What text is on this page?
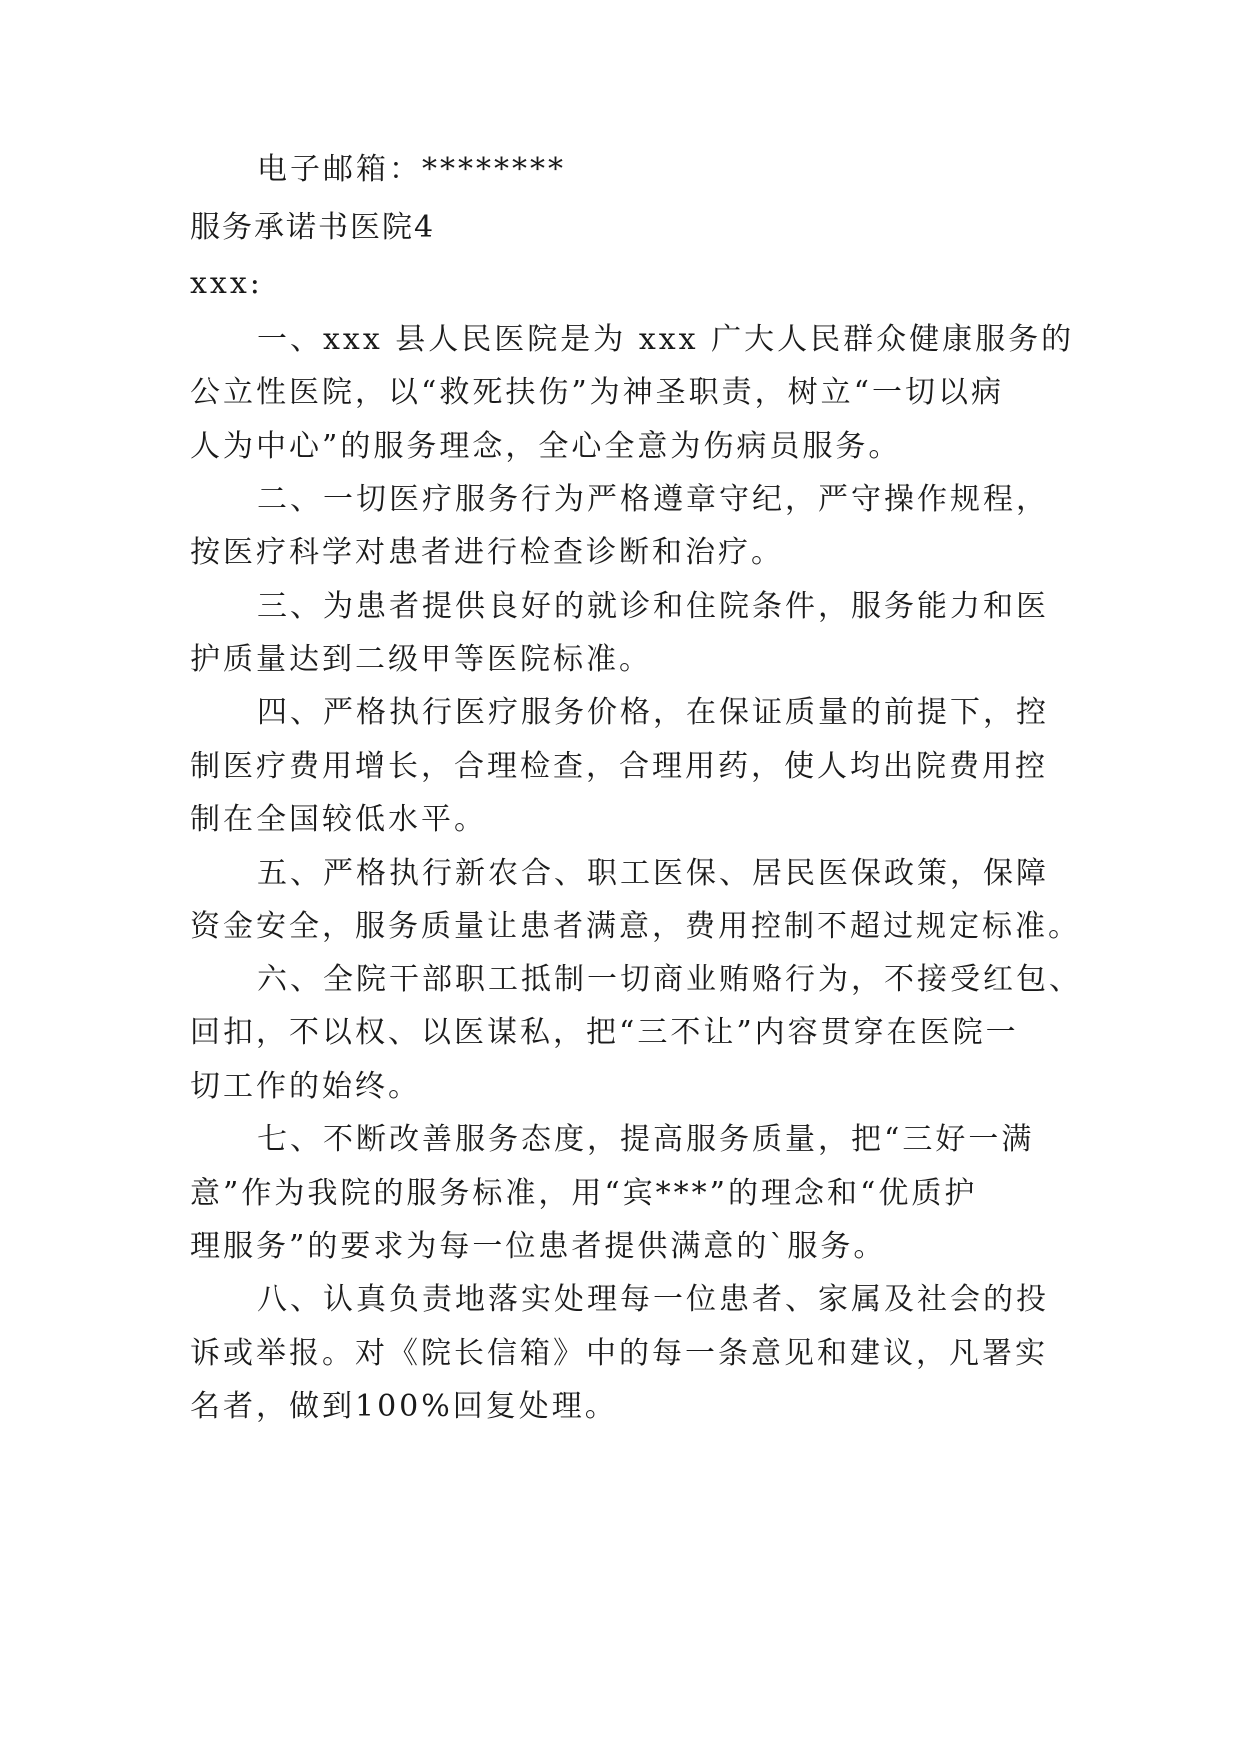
电子邮箱：********
服务承诺书医院4
xxx:
一、xxx 县人民医院是为 xxx 广大人民群众健康服务的
公立性医院，以“救死扶伤”为神圣职责，树立“一切以病
人为中心”的服务理念，全心全意为伤病员服务。
二、一切医疗服务行为严格遵章守纪，严守操作规程，
按医疗科学对患者进行检查诊断和治疗。
三、为患者提供良好的就诊和住院条件，服务能力和医
护质量达到二级甲等医院标准。
四、严格执行医疗服务价格，在保证质量的前提下，控
制医疗费用增长，合理检查，合理用药，使人均出院费用控
制在全国较低水平。
五、严格执行新农合、职工医保、居民医保政策，保障
资金安全，服务质量让患者满意，费用控制不超过规定标准。
六、全院干部职工抵制一切商业贿赂行为，不接受红包、
回扣，不以权、以医谋私，把“三不让”内容贯穿在医院一
切工作的始终。
七、不断改善服务态度，提高服务质量，把“三好一满
意”作为我院的服务标准，用“宾***”的理念和“优质护
理服务”的要求为每一位患者提供满意的`服务。
八、认真负责地落实处理每一位患者、家属及社会的投
诉或举报。对《院长信箱》中的每一条意见和建议，凡署实
名者，做到100%回复处理。
